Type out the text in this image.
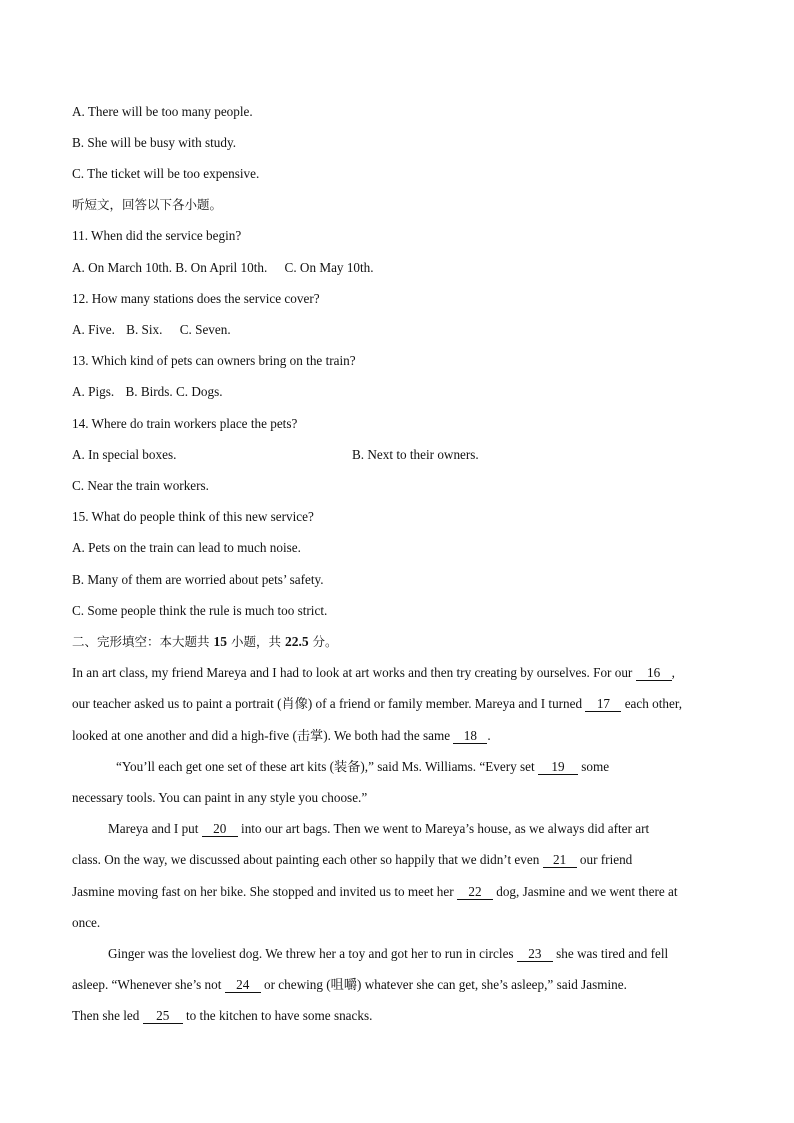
A. There will be too many people.
B. She will be busy with study.
C. The ticket will be too expensive.
听短文，回答以下各小题。
11. When did the service begin?
A. On March 10th. B. On April 10th. C. On May 10th.
12. How many stations does the service cover?
A. Five. B. Six. C. Seven.
13. Which kind of pets can owners bring on the train?
A. Pigs. B. Birds. C. Dogs.
14. Where do train workers place the pets?
A. In special boxes.	B. Next to their owners.
C. Near the train workers.
15. What do people think of this new service?
A. Pets on the train can lead to much noise.
B. Many of them are worried about pets’ safety.
C. Some people think the rule is much too strict.
二、完形填空：本大题共 15 小题，共 22.5 分。
In an art class, my friend Mareya and I had to look at art works and then try creating by ourselves. For our 16 ,
our teacher asked us to paint a portrait (肖像) of a friend or family member. Mareya and I turned 17 each other,
looked at one another and did a high-five (击掌). We both had the same 18 .
“You’ll each get one set of these art kits (装备),” said Ms. Williams. “Every set 19 some
necessary tools. You can paint in any style you choose.”
Mareya and I put 20 into our art bags. Then we went to Mareya’s house, as we always did after art
class. On the way, we discussed about painting each other so happily that we didn’t even 21 our friend
Jasmine moving fast on her bike. She stopped and invited us to meet her 22 dog, Jasmine and we went there at
once.
Ginger was the loveliest dog. We threw her a toy and got her to run in circles 23 she was tired and fell
asleep. “Whenever she’s not 24 or chewing (咀嚼) whatever she can get, she’s asleep,” said Jasmine.
Then she led 25 to the kitchen to have some snacks.
